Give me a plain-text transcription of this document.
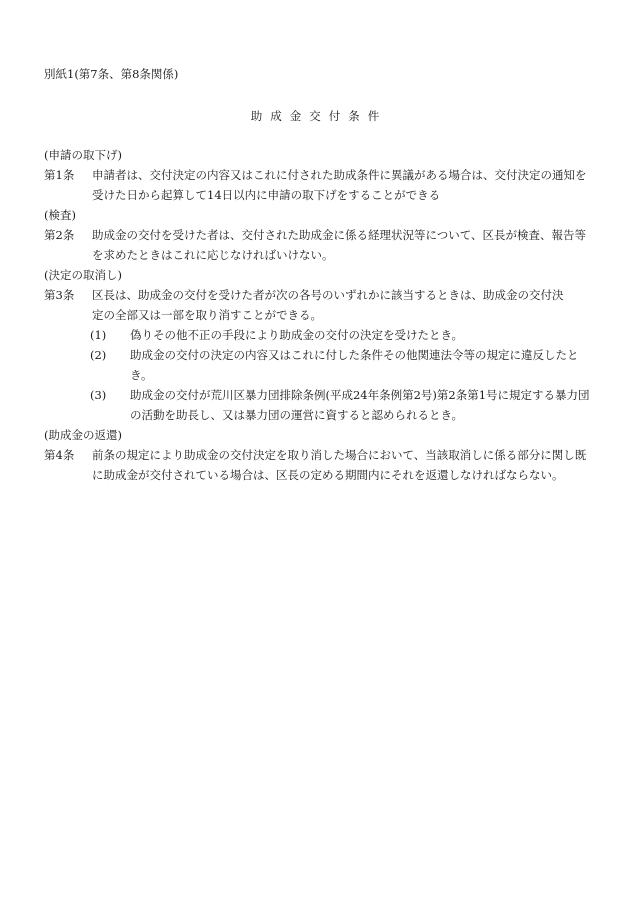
別紙1(第7条、第8条関係)
助成金交付条件
(申請の取下げ)
第1条 申請者は、交付決定の内容又はこれに付された助成条件に異議がある場合は、交付決定の通知を受けた日から起算して14日以内に申請の取下げをすることができる
(検査)
第2条 助成金の交付を受けた者は、交付された助成金に係る経理状況等について、区長が検査、報告等を求めたときはこれに応じなければいけない。
(決定の取消し)
第3条 区長は、助成金の交付を受けた者が次の各号のいずれかに該当するときは、助成金の交付決
定の全部又は一部を取り消すことができる。
(1) 偽りその他不正の手段により助成金の交付の決定を受けたとき。
(2) 助成金の交付の決定の内容又はこれに付した条件その他関連法令等の規定に違反したとき。
(3) 助成金の交付が荒川区暴力団排除条例(平成24年条例第2号)第2条第1号に規定する暴力団の活動を助長し、又は暴力団の運営に資すると認められるとき。
(助成金の返還)
第4条 前条の規定により助成金の交付決定を取り消した場合において、当該取消しに係る部分に関し既に助成金が交付されている場合は、区長の定める期間内にそれを返還しなければならない。
